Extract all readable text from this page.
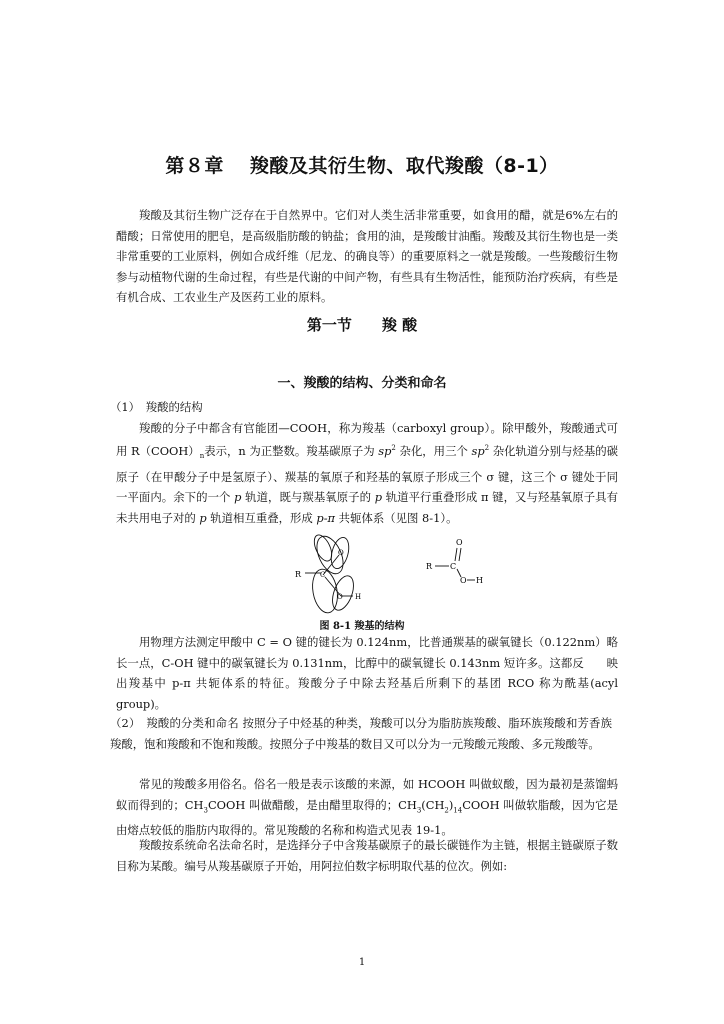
第８章 羧酸及其衍生物、取代羧酸（8-1）

羧酸及其衍生物广泛存在于自然界中。它们对人类生活非常重要，如食用的醋，就是6%左右的醋酸；日常使用的肥皂，是高级脂肪酸的钠盐；食用的油，是羧酸甘油酯。羧酸及其衍生物也是一类非常重要的工业原料，例如合成纤维（尼龙、的确良等）的重要原料之一就是羧酸。一些羧酸衍生物参与动植物代谢的生命过程，有些是代谢的中间产物，有些具有生物活性，能预防治疗疾病，有些是有机合成、工农业生产及医药工业的原料。

第一节 羧 酸
一、羧酸的结构、分类和命名
（1）　羧酸的结构
羧酸的分子中都含有官能团—COOH，称为羧基（carboxyl group）。除甲酸外，羧酸通式可用 $R(COOH)_n$表示，n 为正整数。羧基碳原子为 $sp^2$ 杂化，用三个 $sp^2$ 杂化轨道分别与烃基的碳原子（在甲酸分子中是氢原子）、羰基的氧原子和羟基的氧原子形成三个 σ 键，这三个 σ 键处于同一平面内。余下的一个 p 轨道，既与羰基氧原子的 p 轨道平行重叠形成 π 键，又与羟基氧原子具有未共用电子对的 p 轨道相互重叠，形成 p-π 共轭体系（见图 8-1）。
R	C
O
O H
O
R C
O H

图 8-1 羧基的结构

用物理方法测定甲酸中 C = O 键的键长为 0.124nm，比普通羰基的碳氧键长（0.122nm）略长一点，C-OH 键中的碳氧键长为 0.131nm，比醇中的碳氧键长 0.143nm 短许多。这都反　　映出羧基中 p-π 共轭体系的特征。羧酸分子中除去羟基后所剩下的基团 RCO 称为酰基(acyl group)。

（2）　羧酸的分类和命名 按照分子中烃基的种类，羧酸可以分为脂肪族羧酸、脂环族羧酸和芳香族羧酸，饱和羧酸和不饱和羧酸。按照分子中羧基的数目又可以分为一元羧酸元羧酸、多元羧酸等。

常见的羧酸多用俗名。俗名一般是表示该酸的来源，如 HCOOH 叫做蚁酸，因为最初是蒸馏蚂蚁而得到的；$CH_3COOH$ 叫做醋酸，是由醋里取得的；$CH_3(CH_2)_{14}COOH$ 叫做软脂酸，因为它是由熔点较低的脂肪内取得的。常见羧酸的名称和构造式见表 19-1。

羧酸按系统命名法命名时，是选择分子中含羧基碳原子的最长碳链作为主链，根据主链碳原子数目称为某酸。编号从羧基碳原子开始，用阿拉伯数字标明取代基的位次。例如:

1
